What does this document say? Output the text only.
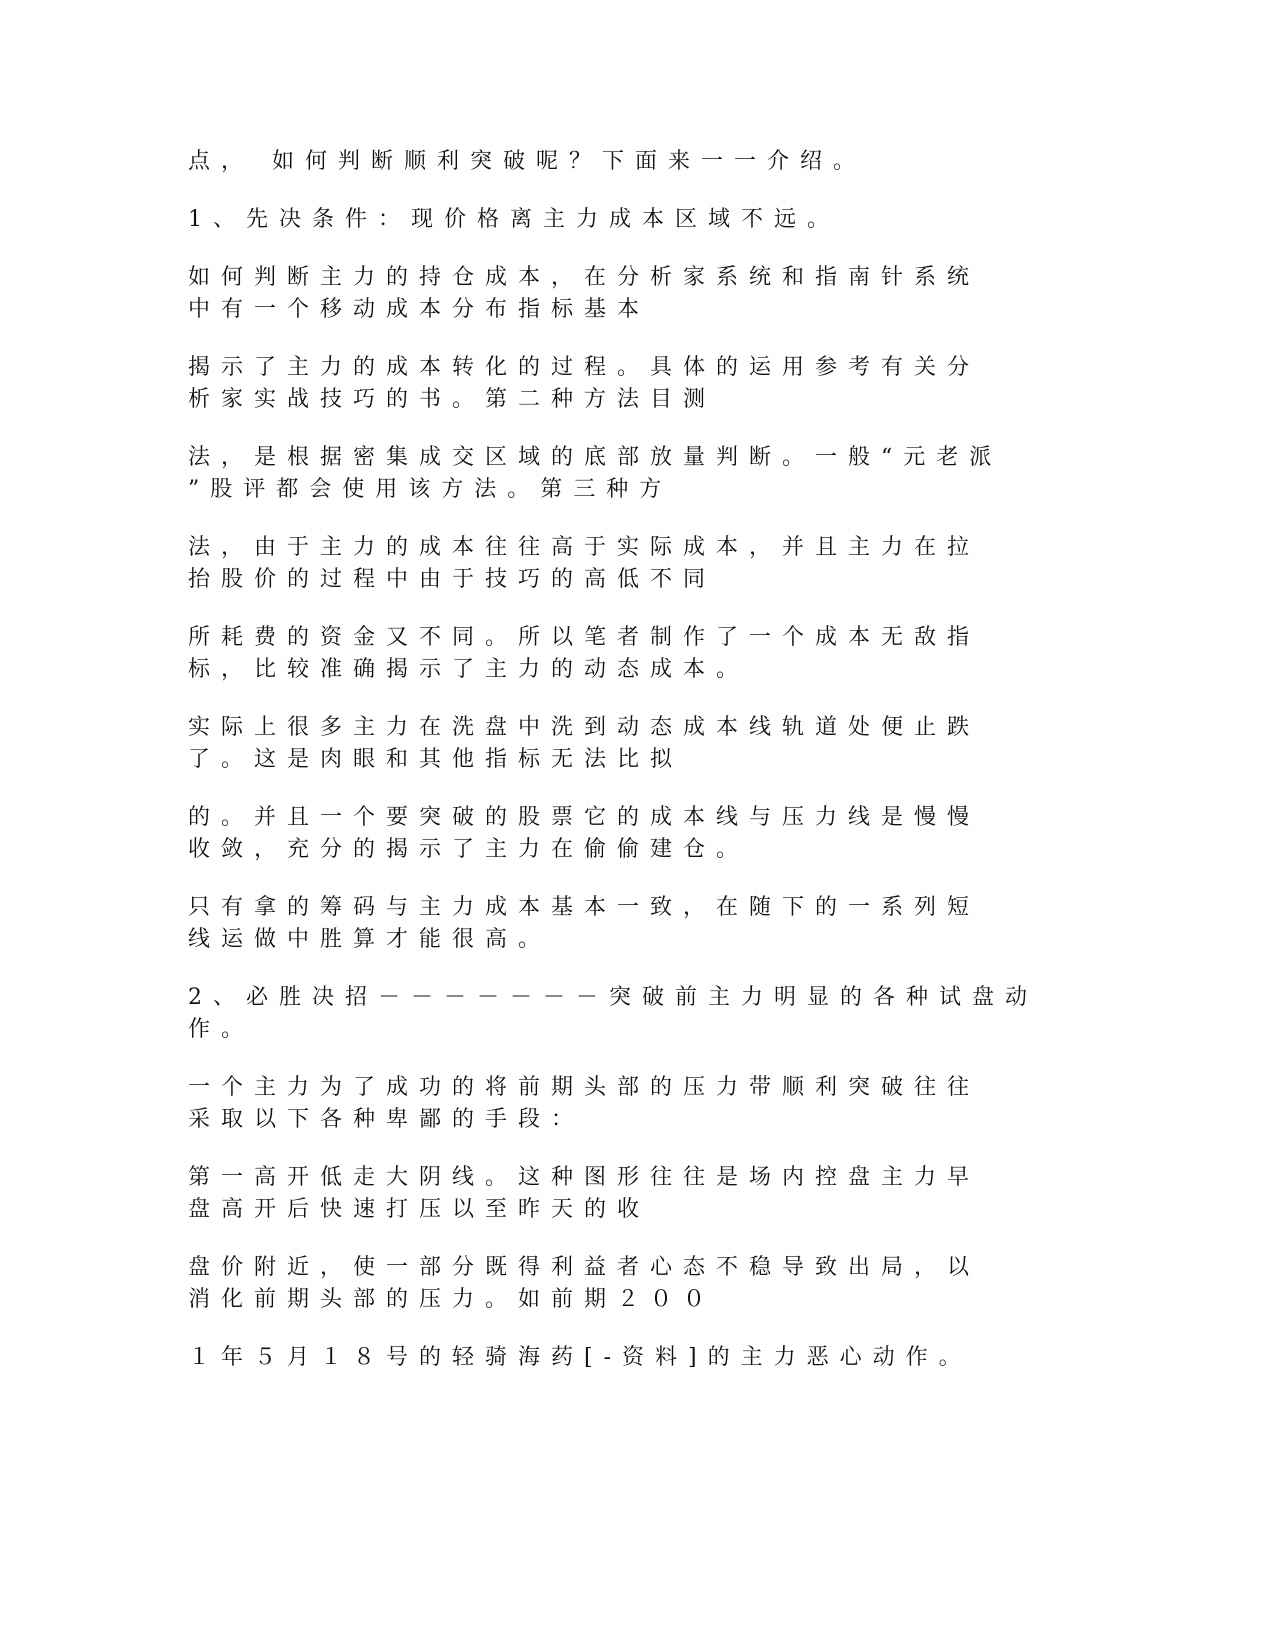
点， 如何判断顺利突破呢？下面来一一介绍。

1、先决条件：现价格离主力成本区域不远。

如何判断主力的持仓成本，在分析家系统和指南针系统
中有一个移动成本分布指标基本

揭示了主力的成本转化的过程。具体的运用参考有关分
析家实战技巧的书。第二种方法目测

法，是根据密集成交区域的底部放量判断。一般“元老派
”股评都会使用该方法。第三种方

法，由于主力的成本往往高于实际成本，并且主力在拉
抬股价的过程中由于技巧的高低不同

所耗费的资金又不同。所以笔者制作了一个成本无敌指
标，比较准确揭示了主力的动态成本。

实际上很多主力在洗盘中洗到动态成本线轨道处便止跌
了。这是肉眼和其他指标无法比拟

的。并且一个要突破的股票它的成本线与压力线是慢慢
收敛，充分的揭示了主力在偷偷建仓。

只有拿的筹码与主力成本基本一致，在随下的一系列短
线运做中胜算才能很高。

2、必胜决招－－－－－－－突破前主力明显的各种试盘动
作。

一个主力为了成功的将前期头部的压力带顺利突破往往
采取以下各种卑鄙的手段：

第一高开低走大阴线。这种图形往往是场内控盘主力早
盘高开后快速打压以至昨天的收

盘价附近，使一部分既得利益者心态不稳导致出局，以
消化前期头部的压力。如前期２００

１年５月１８号的轻骑海药[-资料]的主力恶心动作。
